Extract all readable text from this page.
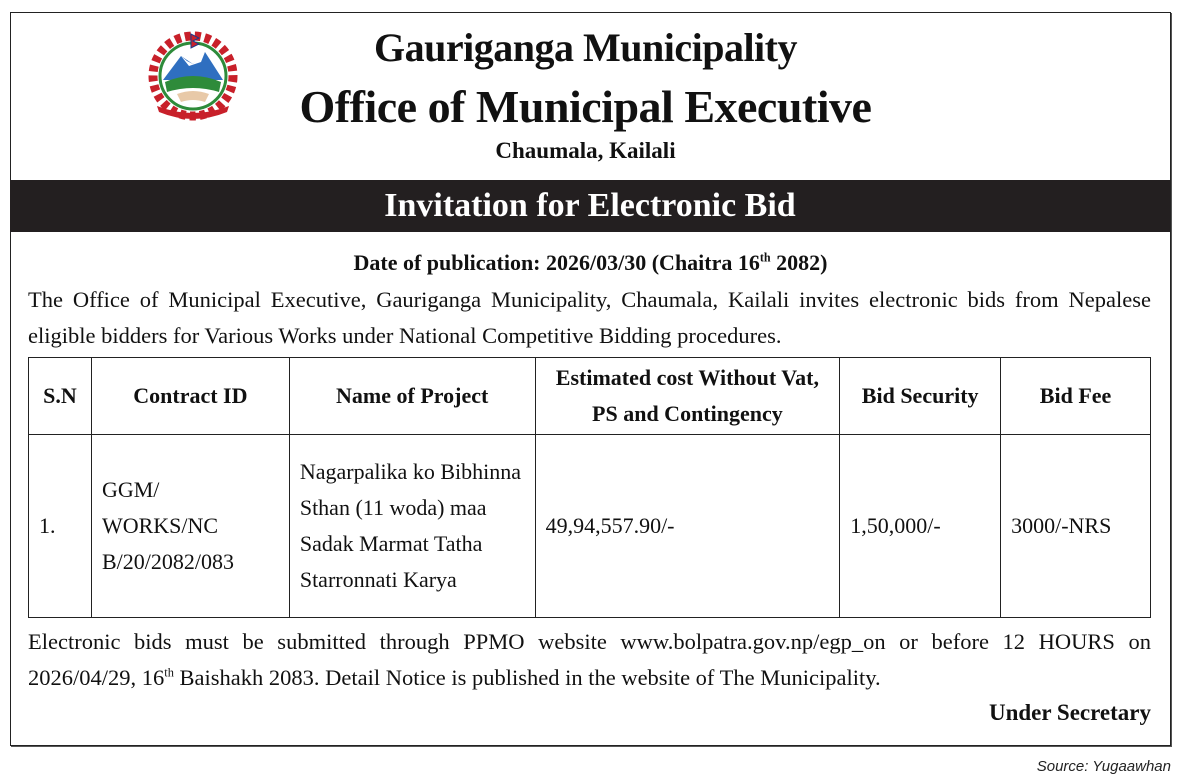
Gauriganga Municipality
Office of Municipal Executive
Chaumala, Kailali
Invitation for Electronic Bid
Date of publication: 2026/03/30 (Chaitra 16th 2082)
The Office of Municipal Executive, Gauriganga Municipality, Chaumala, Kailali invites electronic bids from Nepalese eligible bidders for Various Works under National Competitive Bidding procedures.
S.N	Contract ID	Name of Project	Estimated cost Without Vat, PS and Contingency	Bid Security	Bid Fee
1.	GGM/ WORKS/NC B/20/2082/083	Nagarpalika ko Bibhinna Sthan (11 woda) maa Sadak Marmat Tatha Starronnati Karya	49,94,557.90/-	1,50,000/-	3000/-NRS
Electronic bids must be submitted through PPMO website www.bolpatra.gov.np/egp_on or before 12 HOURS on 2026/04/29, 16th Baishakh 2083. Detail Notice is published in the website of The Municipality.
Under Secretary
Source: Yugaawhan
